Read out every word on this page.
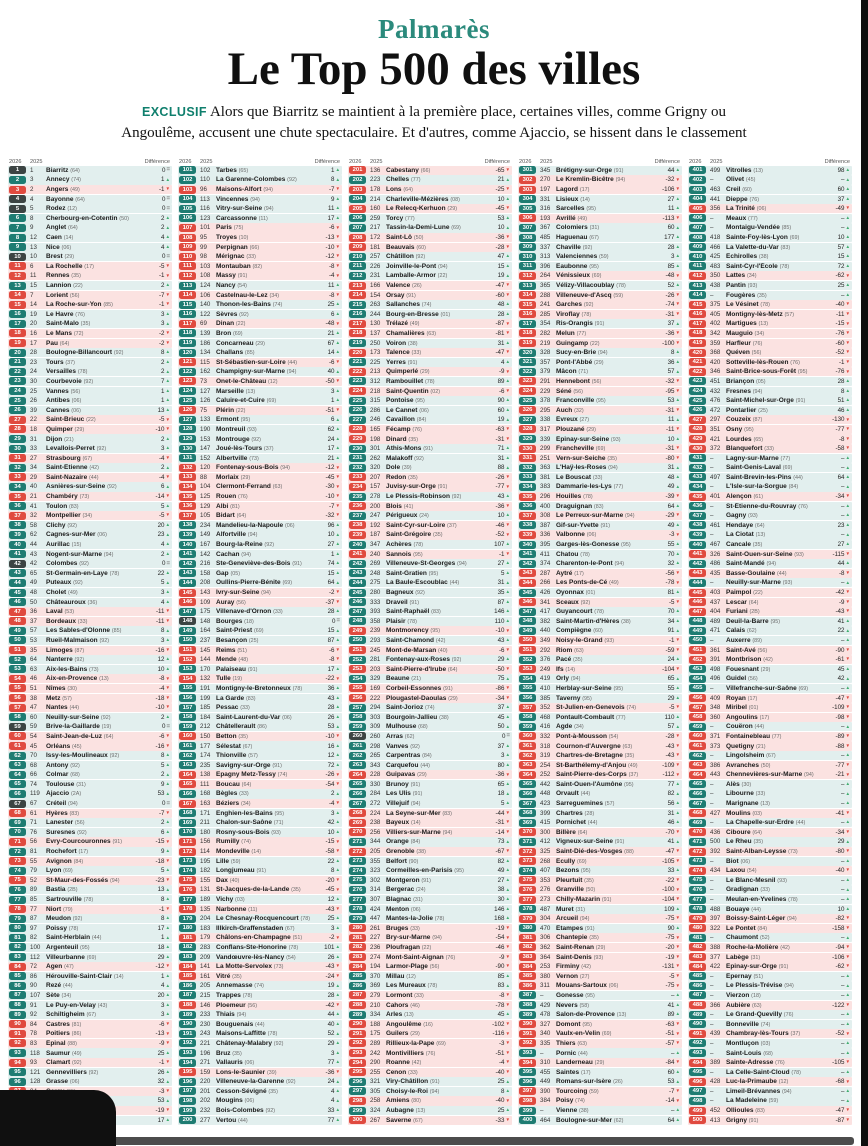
Palmarès
Le Top 500 des villes

EXCLUSIF Alors que Biarritz se maintient à la première place, certaines villes, comme Grigny ou Angoulême, accusent une chute spectaculaire. Et d'autres, comme Ajaccio, se hissent dans le classement

2026	2025	Différence
1	1	Biarritz (64)	0 =
2	3	Annecy (74)	1 ▲
3	2	Angers (49)	-1 ▼
4	4	Bayonne (64)	0 =
5	5	Rodez (12)	0 =
6	8	Cherbourg-en-Cotentin (50)	2 ▲
7	9	Anglet (64)	2 ▲
8	12	Caen (14)	4 ▲
9	13	Nice (06)	4 ▲
10	10	Brest (29)	0 =
11	6	La Rochelle (17)	-5 ▼
12	11	Rennes (35)	-1 ▼
13	15	Lannion (22)	2 ▲
14	7	Lorient (56)	-7 ▼
15	14	La Roche-sur-Yon (85)	-1 ▼
16	19	Le Havre (76)	3 ▲
17	20	Saint-Malo (35)	3 ▲
18	16	Le Mans (72)	-2 ▼
19	17	Pau (64)	-2 ▼
20	28	Boulogne-Billancourt (92)	8 ▲
21	23	Tours (37)	2 ▲
22	24	Versailles (78)	2 ▲
23	30	Courbevoie (92)	7 ▲
24	25	Vannes (56)	1 ▲
25	26	Antibes (06)	1 ▲
26	39	Cannes (06)	13 ▲
27	22	Saint-Brieuc (22)	-5 ▼
28	18	Quimper (29)	-10 ▼
29	31	Dijon (21)	2 ▲
30	33	Levallois-Perret (92)	3 ▲
31	27	Strasbourg (67)	-4 ▼
32	34	Saint-Étienne (42)	2 ▲
33	29	Saint-Nazaire (44)	-4 ▼
34	40	Asnières-sur-Seine (92)	6 ▲
35	21	Chambéry (73)	-14 ▼
36	41	Toulon (83)	5 ▲
37	32	Montpellier (34)	-5 ▼
38	58	Clichy (92)	20 ▲
39	62	Cagnes-sur-Mer (06)	23 ▲
40	44	Aurillac (15)	4 ▲
41	43	Nogent-sur-Marne (94)	2 ▲
42	42	Colombes (92)	0 =
43	65	St-Germain-en-Laye (78)	22 ▲
44	49	Puteaux (92)	5 ▲
45	48	Cholet (49)	3 ▲
46	50	Châteauroux (36)	4 ▲
47	36	Laval (53)	-11 ▼
48	37	Bordeaux (33)	-11 ▼
49	57	Les Sables-d'Olonne (85)	8 ▲
50	53	Rueil-Malmaison (92)	3 ▲
51	35	Limoges (87)	-16 ▼
52	64	Nanterre (92)	12 ▲
53	63	Aix-les-Bains (73)	10 ▲
54	46	Aix-en-Provence (13)	-8 ▼
55	51	Nîmes (30)	-4 ▼
56	38	Metz (57)	-18 ▼
57	47	Nantes (44)	-10 ▼
58	60	Neuilly-sur-Seine (92)	2 ▲
59	59	Brive-la-Gaillarde (19)	0 =
60	54	Saint-Jean-de-Luz (64)	-6 ▼
61	45	Orléans (45)	-16 ▼
62	70	Issy-les-Moulineaux (92)	8 ▲
63	68	Antony (92)	5 ▲
64	66	Colmar (68)	2 ▲
65	74	Toulouse (31)	9 ▲
66	119 Ajaccio (2A)	53 ▲
67	67	Créteil (94)	0 =
68	61	Hyères (83)	-7 ▼
69	71	Lanester (56)	2 ▲
70	76	Suresnes (92)	6 ▲
71	56	Évry-Courcouronnes (91)	-15 ▼
72	81	Rochefort (17)	9 ▲
73	55	Avignon (84)	-18 ▼
74	79	Lyon (69)	5 ▲
75	52	St-Maur-des-Fossés (94)	-23 ▼
76	89	Bastia (2B)	13 ▲
77	85	Sartrouville (78)	8 ▲
78	77	Niort (79)	-1 ▼
79	87	Meudon (92)	8 ▲
80	97	Poissy (78)	17 ▲
81	82	Saint-Herblain (44)	1 ▲
82	100 Argenteuil (95)	18 ▲
83	112 Villeurbanne (69)	29 ▲
84	72	Agen (47)	-12 ▼
85	86	Hérouville-Saint-Clair (14)	1 ▲
86	90	Rezé (44)	4 ▲
87	107 Sète (34)	20 ▲
88	91	Le Puy-en-Velay (43)	3 ▲
89	92	Schiltigheim (67)	3 ▲
90	84	Castres (81)	-6 ▼
91	78	Poitiers (86)	-13 ▼
92	83	Épinal (88)	-9 ▼
93	118 Saumur (49)	25 ▲
94	93	Clamart (92)	-1 ▼
95	121 Gennevilliers (92)	26 ▲
96	128 Grasse (06)	32 ▲
-3 ▼
53 ▲
-19 ▼
17 ▲
2026	2025	Différence
101	102 Tarbes (65)	1 ▲
102	110 La Garenne-Colombes (92)	8 ▲
103	96	Maisons-Alfort (94)	-7 ▼
104	113 Vincennes (94)	9 ▲
105	116 Vitry-sur-Seine (94)	11 ▲
106	123 Carcassonne (11)	17 ▲
107	101 Paris (75)	-6 ▼
108	95	Troyes (10)	-13 ▼
109	99	Perpignan (66)	-10 ▼
110	98	Mérignac (33)	-12 ▼
111	103 Montauban (82)	-8 ▼
112	108 Massy (91)	-4 ▼
113	124 Nancy (54)	11 ▲
114	106 Castelnau-le-Lez (34)	-8 ▼
115	140 Thonon-les-Bains (74)	25 ▲
116	122 Sèvres (92)	6 ▲
117	69	Dinan (22)	-48 ▼
118	139 Bron (69)	21 ▲
119	186 Concarneau (29)	67 ▲
120	134 Challans (85)	14 ▲
121	115 St-Sébastien-sur-Loire (44)	-6 ▼
122	162 Champigny-sur-Marne (94)	40 ▲
123	73	Onet-le-Château (12)	-50 ▼
124	127 Marseille (13)	3 ▲
125	126 Caluire-et-Cuire (69)	1 ▲
126	75	Plérin (22)	-51 ▼
127	133 Ermont (95)	6 ▲
128	190 Montreuil (93)	62 ▲
129	153 Montrouge (92)	24 ▲
130	147 Joué-lès-Tours (37)	17 ▲
131	152 Albertville (73)	21 ▲
132	120 Fontenay-sous-Bois (94)	-12 ▼
133	88	Morlaix (29)	-45 ▼
134	104 Clermont-Ferrand (63)	-30 ▼
135	125 Rouen (76)	-10 ▼
136	129 Albi (81)	-7 ▼
137	105 Bidart (64)	-32 ▼
138	234 Mandelieu-la-Napoule (06)	96 ▲
139	149 Alfortville (94)	10 ▲
140	167 Bourg-la-Reine (92)	27 ▲
141	142 Cachan (94)	1 ▲
142	216 Ste-Geneviève-des-Bois (91)	74 ▲
143	158 Gap (05)	15 ▲
144	208 Oullins-Pierre-Bénite (69)	64 ▲
145	143 Ivry-sur-Seine (94)	-2 ▼
146	109 Auray (56)	-37 ▼
147	175 Villenave-d'Ornon (33)	28 ▲
148	148 Bourges (18)	0 =
149	164 Saint-Priest (69)	15 ▲
150	237 Besançon (25)	87 ▲
151	145 Reims (51)	-6 ▼
152	144 Mende (48)	-8 ▼
153	170 Palaiseau (91)	17 ▲
154	132 Tulle (19)	-22 ▼
155	191 Montigny-le-Bretonneux (78)	36 ▲
156	199 La Garde (83)	43 ▲
157	185 Pessac (33)	28 ▲
158	184 Saint-Laurent-du-Var (06)	26 ▲
159	212 Châtellerault (86)	53 ▲
160	150 Betton (35)	-10 ▼
161	177 Sélestat (67)	16 ▲
162	174 Thionville (57)	12 ▲
163	235 Savigny-sur-Orge (91)	72 ▲
164	138 Epagny Metz-Tessy (74)	-26 ▼
165	111	Boucau (64)	-54 ▼
166	168 Bègles (33)	2 ▲
167	163 Béziers (34)	-4 ▼
168	171 Enghien-les-Bains (95)	3 ▲
169	211 Chalon-sur-Saône (71)	42 ▲
170	180 Rosny-sous-Bois (93)	10 ▲
171	156 Rumilly (74)	-15 ▼
172	114 Mondeville (14)	-58 ▼
173	195 Lille (59)	22 ▲
174	182 Longjumeau (91)	8 ▲
175	155 Dax (40)	-20 ▼
176	131 St-Jacques-de-la-Lande (35)	-45 ▼
177	189 Vichy (03)	12 ▲
178	135 Narbonne (11)	-43 ▼
179	204 Le Chesnay-Rocquencourt (78)	25 ▲
180	183 Illkirch-Graffenstaden (67)	3 ▲
181	179 Châlons-en-Champagne (51)	-2 ▼
182	283 Conflans-Ste-Honorine (78)	101 ▲
183	209 Vandœuvre-lès-Nancy (54)	26 ▲
184	141 La Motte-Servolex (73)	-43 ▼
185	161 Vitré (35)	-24 ▼
186	205 Annemasse (74)	19 ▲
187	215 Trappes (78)	28 ▲
188	146 Ploemeur (56)	-42 ▼
189	233 Thiais (94)	44 ▲
190	230 Bouguenais (44)	40 ▲
191	243 Maisons-Laffitte (78)	52 ▲
192	221 Châtenay-Malabry (92)	29 ▲
193	196 Bruz (35)	3 ▲
194	271 Vallauris (06)	77 ▲
195	159 Lons-le-Saunier (39)	-36 ▼
196	220 Villeneuve-la-Garenne (92)	24 ▲
197	201 Cesson-Sévigné (35)	4 ▲
198	202 Mougins (06)	4 ▲
199	232 Bois-Colombes (92)	33 ▲
200	277 Vertou (44)	77 ▲
2026	2025	Différence
201	136 Cabestany (66)	-65 ▼
202	223 Chelles (77)	21 ▲
203	178 Lons (64)	-25 ▼
204	214 Charleville-Mézières (08)	10 ▲
205	160 Le Relecq-Kerhuon (29)	-45 ▼
206	259 Torcy (77)	53 ▲
207	217 Tassin-la-Demi-Lune (69)	10 ▲
208	172 Saint-Lô (50)	-36 ▼
209	181 Beauvais (60)	-28 ▼
210	257 Châtillon (92)	47 ▲
211	226 Joinville-le-Pont (94)	15 ▲
212	231 Lamballe-Armor (22)	19 ▲
213	166 Valence (26)	-47 ▼
214	154 Orsay (91)	-60 ▼
215	263 Sallanches (74)	48 ▲
216	244 Bourg-en-Bresse (01)	28 ▲
217	130 Trélazé (49)	-87 ▼
218	137 Chamalières (63)	-81 ▼
219	250 Voiron (38)	31 ▲
220	173 Talence (33)	-47 ▼
221	225 Yerres (91)	4 ▲
222	213 Quimperlé (29)	-9 ▼
223	312 Rambouillet (78)	89 ▲
224	218 Saint-Quentin (02)	-6 ▼
225	315 Pontoise (95)	90 ▲
226	286 Le Cannet (06)	60 ▲
227	246 Cavaillon (84)	19 ▲
228	165 Fécamp (76)	-63 ▼
229	198 Dinard (35)	-31 ▼
230	301 Athis-Mons (91)	71 ▲
231	262 Malakoff (92)	31 ▲
232	320 Dole (39)	88 ▲
233	207 Redon (35)	-26 ▼
234	157 Juvisy-sur-Orge (91)	-77 ▼
235	278 Le Plessis-Robinson (92)	43 ▲
236	200 Blois (41)	-36 ▼
237	247 Périgueux (24)	10 ▲
238	192 Saint-Cyr-sur-Loire (37)	-46 ▼
239	187 Saint-Grégoire (35)	-52 ▼
240	347 Achères (78)	107 ▲
241	240 Sannois (95)	-1 ▼
242	269 Villeneuve-St-Georges (94)	27 ▲
243	248 Saint-Gratien (95)	5 ▲
244	275 La Baule-Escoublac (44)	31 ▲
245	280 Bagneux (92)	35 ▲
246	333 Draveil (91)	87 ▲
247	393 Saint-Raphaël (83)	146 ▲
248	358 Plaisir (78)	110 ▲
249	239 Montmorency (95)	-10 ▼
250	293 Saint-Chamond (42)	43 ▲
251	245 Mont-de-Marsan (40)	-6 ▼
252	281 Fontenay-aux-Roses (92)	29 ▲
253	203 Saint-Pierre-d'Irube (64)	-50 ▼
254	329 Beaune (21)	75 ▲
255	169 Corbeil-Essonnes (91)	-86 ▼
256	222 Plougastel-Daoulas (29)	-34 ▼
257	294 Saint-Jorioz (74)	37 ▲
258	303 Bourgoin-Jallieu (38)	45 ▲
259	309 Mulhouse (68)	50 ▲
260	260 Arras (62)	0 =
261	298 Vanves (92)	37 ▲
262	265 Carpentras (84)	3 ▲
263	343 Carquefou (44)	80 ▲
264	228 Guipavas (29)	-36 ▼
265	330 Brunoy (91)	65 ▲
266	284 Les Ulis (91)	18 ▲
267	272 Villejuif (94)	5 ▲
268	224 La Seyne-sur-Mer (83)	-44 ▼
269	238 Bayeux (14)	-31 ▼
270	256 Villiers-sur-Marne (94)	-14 ▼
271	344 Orange (84)	73 ▲
272	205 Grenoble (38)	-67 ▼
273	355 Belfort (90)	82 ▲
274	323 Cormeilles-en-Parisis (95)	49 ▲
275	302 Montgeron (91)	27 ▲
276	314 Bergerac (24)	38 ▲
277	307 Blagnac (31)	30 ▲
278	424 Menton (06)	146 ▲
279	447 Mantes-la-Jolie (78)	168 ▲
280	261 Bruges (33)	-19 ▼
281	227 Bry-sur-Marne (94)	-54 ▼
282	236 Ploufragan (22)	-46 ▼
283	274 Mont-Saint-Aignan (76)	-9 ▼
284	194 Larmor-Plage (56)	-90 ▼
285	370 Millau (12)	85 ▲
286	369 Les Mureaux (78)	83 ▲
287	279 Lormont (33)	-8 ▼
288	210 Cahors (46)	-78 ▼
289	334 Arles (13)	45 ▲
290	188 Angoulême (16)	-102 ▼
291	175 Guilers (29)	-116 ▼
292	289 Rillieux-la-Pape (69)	-3 ▼
293	242 Montivilliers (76)	-51 ▼
294	290 Roanne (42)	-4 ▼
295	255 Cenon (33)	-40 ▼
296	321 Viry-Châtillon (91)	25 ▲
297	305 Choisy-le-Roi (94)	8 ▲
298	258 Amiens (80)	-40 ▼
299	324 Aubagne (13)	25 ▲
300	267 Saverne (67)	-33 ▼
2026	2025	Différence
301	345 Brétigny-sur-Orge (91)	44 ▲
302	270 Le Kremlin-Bicêtre (94)	-32 ▼
303	197 Lagord (17)	-106 ▼
304	331 Lisieux (14)	27 ▲
305	316 Sarcelles (95)	11 ▲
306	193 Avrillé (49)	-113 ▼
307	367 Colomiers (31)	60 ▲
308	485 Haguenau (67)	177 ▲
309	337 Chaville (92)	28 ▲
310	313 Valenciennes (59)	3 ▲
311	396 Eaubonne (95)	85 ▲
312	264 Vénissieux (69)	-48 ▼
313	365 Vélizy-Villacoublay (78)	52 ▲
314	288 Villeneuve-d'Ascq (59)	-26 ▼
315	241 Garches (92)	-74 ▼
316	285 Viroflay (78)	-31 ▼
317	354 Ris-Orangis (91)	37 ▲
318	282 Melun (77)	-36 ▼
319	219 Guingamp (22)	-100 ▼
320	328 Sucy-en-Brie (94)	8 ▲
321	357 Pont-l'Abbé (29)	36 ▲
322	379 Mâcon (71)	57 ▲
323	291 Hennebont (56)	-32 ▼
324	229 Séné (56)	-95 ▼
325	378 Franconville (95)	53 ▲
326	295 Auch (32)	-31 ▼
327	338 Évreux (27)	11 ▲
328	317 Plouzané (29)	-11 ▼
329	339 Épinay-sur-Seine (93)	10 ▲
330	299 Francheville (69)	-31 ▼
331	251 Vern-sur-Seiche (35)	-80 ▼
332	363 L'Haÿ-les-Roses (94)	31 ▲
333	381 Le Bouscat (33)	48 ▲
334	383 Dammarie-les-Lys (77)	49 ▲
335	296 Houilles (78)	-39 ▼
336	400 Draguignan (83)	64 ▲
337	308 Le Perreux-sur-Marne (94)	-29 ▼
338	387 Gif-sur-Yvette (91)	49 ▲
339	336 Valbonne (06)	-3 ▼
340	395 Garges-lès-Gonesse (95)	55 ▲
341	411 Chatou (78)	70 ▲
342	374 Charenton-le-Pont (94)	32 ▲
343	287 Aytré (17)	-56 ▼
344	266 Les Ponts-de-Cé (49)	-78 ▼
345	426 Oyonnax (01)	81 ▲
346	341 Sceaux (92)	-5 ▼
347	417 Guyancourt (78)	70 ▲
348	382 Saint-Martin-d'Hères (38)	34 ▲
349	440 Compiègne (60)	91 ▲
350	349 Noisy-le-Grand (93)	-1 ▼
351	292 Riom (63)	-59 ▼
352	376 Pacé (35)	24 ▲
353	249 Ifs (14)	-104 ▼
354	419 Orly (94)	65 ▲
355	410 Herblay-sur-Seine (95)	55 ▲
356	385 Taverny (95)	29 ▲
357	352 St-Julien-en-Genevois (74)	-5 ▼
358	468 Pontault-Combault (77)	110 ▲
359	416 Agde (34)	57 ▲
360	332 Pont-à-Mousson (54)	-28 ▼
361	318 Cournon-d'Auvergne (63)	-43 ▼
362	319 Chartres-de-Bretagne (35)	-43 ▼
363	254 St-Barthélemy-d'Anjou (49)	-109 ▼
364	252 Saint-Pierre-des-Corps (37)	-112 ▼
365	442 Saint-Ouen-l'Aumône (95)	77 ▲
366	448 Orvault (44)	82 ▲
367	423 Sarreguemines (57)	56 ▲
368	399 Chartres (28)	31 ▲
369	415 Pornichet (44)	46 ▲
370	300 Billère (64)	-70 ▼
371	412 Vigneux-sur-Seine (91)	41 ▲
372	325 Saint-Dié-des-Vosges (88)	-47 ▼
373	268 Écully (69)	-105 ▼
374	407 Bezons (95)	33 ▲
375	353 Pleurtuit (35)	-22 ▼
376	276 Granville (50)	-100 ▼
377	273 Chilly-Mazarin (91)	-104 ▼
378	487 Muret (31)	109 ▲
379	304 Arcueil (94)	-75 ▼
380	470 Étampes (91)	90 ▲
381	306 Chantepie (35)	-75 ▼
382	362 Saint-Renan (29)	-20 ▼
383	364 Saint-Denis (93)	-19 ▼
384	253 Firminy (42)	-131 ▼
385	380 Vernon (27)	-5 ▼
386	311 Mouans-Sartoux (06)	-75 ▼
387	–	Gonesse (95)	– ▲
388	429 Nevers (58)	41 ▲
389	478 Salon-de-Provence (13)	89 ▲
390	327 Domont (95)	-63 ▼
391	340 Vaulx-en-Velin (69)	-51 ▼
392	335 Thiers (63)	-57 ▼
393	–	Pornic (44)	– ▲
394	310 Landerneau (29)	-84 ▼
395	455 Saintes (17)	60 ▲
396	449 Romans-sur-Isère (26)	53 ▲
397	390 Tourcoing (59)	-7 ▼
398	384 Poisy (74)	-14 ▼
399	–	Vienne (38)	– ▲
400	464 Boulogne-sur-Mer (62)	64 ▲
2026	2025	Différence
401	499 Vitrolles (13)	98 ▲
402	–	Olivet (45)	– ▲
403	463 Creil (60)	60 ▲
404	441 Dieppe (76)	37 ▲
405	356 La Trinité (06)	-49 ▼
406	–	Meaux (77)	– ▲
407	–	Montaigu-Vendée (85)	– ▲
408	418 Sainte-Foy-lès-Lyon (69)	10 ▲
409	466 La Valette-du-Var (83)	57 ▲
410	425 Échirolles (38)	15 ▲
411	483 Saint-Cyr-l'École (78)	72 ▲
412	350 Lattes (34)	-62 ▼
413	438 Pantin (93)	25 ▲
414	–	Fougères (35)	– ▲
415	375 Le Vésinet (78)	-40 ▼
416	405 Montigny-lès-Metz (57)	-11 ▼
417	402 Martigues (13)	-15 ▼
418	342 Mauguio (34)	-76 ▼
419	359 Harfleur (76)	-60 ▼
420	368 Quéven (56)	-52 ▼
421	420 Sotteville-lès-Rouen (76)	-1 ▼
422	346 Saint-Brice-sous-Forêt (95)	-76 ▼
423	451 Briançon (05)	28 ▲
424	432 Fresnes (94)	8 ▲
425	476 Saint-Michel-sur-Orge (91)	51 ▲
426	472 Pontarlier (25)	46 ▲
427	297 Couzeix (87)	-130 ▼
428	351 Osny (95)	-77 ▼
429	421 Lourdes (65)	-8 ▼
430	372 Blanquefort (33)	-58 ▼
431	–	Lagny-sur-Marne (77)	– ▲
432	–	Saint-Genis-Laval (69)	– ▲
433	497 Saint-Brevin-les-Pins (44)	64 ▲
434	–	L'Isle-sur-la-Sorgue (84)	– ▲
435	401 Alençon (61)	-34 ▼
436	–	St-Étienne-du-Rouvray (76)	– ▲
437	–	Gagny (93)	– ▲
438	461 Hendaye (64)	23 ▲
439	–	La Ciotat (13)	– ▲
440	467 Cancale (35)	27 ▲
441	326 Saint-Ouen-sur-Seine (93)	-115 ▼
442	486 Saint-Mandé (94)	44 ▲
443	435 Basse-Goulaine (44)	-8 ▼
444	–	Neuilly-sur-Marne (93)	– ▲
445	403 Paimpol (22)	-42 ▼
446	437 Lescar (64)	-9 ▼
447	404 Furiani (2B)	-43 ▼
448	489 Deuil-la-Barre (95)	41 ▲
449	471 Calais (62)	22 ▲
450	–	Auxerre (89)	– ▲
451	361 Saint-Avé (56)	-90 ▼
452	391 Montbrison (42)	-61 ▼
453	498 Fouesnant (29)	45 ▲
454	496 Guidel (56)	42 ▲
455	–	Villefranche-sur-Saône (69)	– ▲
456	409 Royan (17)	-47 ▼
457	348 Miribel (01)	-109 ▼
458	360 Angoulins (17)	-98 ▼
459	–	Couëron (44)	– ▲
460	371 Fontainebleau (77)	-89 ▼
461	373 Quetigny (21)	-88 ▼
462	–	Lingolsheim (67)	– ▲
463	386 Avranches (50)	-77 ▼
464	443 Chennevières-sur-Marne (94)	-21 ▼
465	–	Alès (30)	– ▲
466	–	Libourne (33)	– ▲
467	–	Marignane (13)	– ▲
468	427 Moulins (03)	-41 ▼
469	–	La Chapelle-sur-Erdre (44)	– ▲
470	436 Ciboure (64)	-34 ▼
471	500 Le Rheu (35)	29 ▲
472	392 Saint-Alban-Leysse (73)	-80 ▼
473	–	Biot (06)	– ▲
474	434 Laxou (54)	-40 ▼
475	–	Le Blanc-Mesnil (93)	– ▲
476	–	Gradignan (33)	– ▲
477	–	Meulan-en-Yvelines (78)	– ▲
478	488 Bouaye (44)	10 ▲
479	397 Boissy-Saint-Léger (94)	-82 ▼
480	322 Le Pontet (84)	-158 ▼
481	–	Chaumont (52)	– ▲
482	388 Roche-la-Molière (42)	-94 ▼
483	377 Labège (31)	-106 ▼
484	422 Épinay-sur-Orge (91)	-62 ▼
485	–	Épernay (51)	– ▲
486	–	Le Plessis-Trévise (94)	– ▲
487	–	Vierzon (18)	– ▲
488	366 Aubière (63)	-122 ▼
489	–	Le Grand-Quevilly (76)	– ▲
490	–	Bonneville (74)	– ▲
491	439 Chambray-lès-Tours (37)	-52 ▼
492	–	Montluçon (03)	– ▲
493	–	Saint-Louis (68)	– ▲
494	389 Sainte-Adresse (76)	-105 ▼
495	–	La Celle-Saint-Cloud (78)	– ▲
496	428 Luc-la-Primaube (12)	-68 ▼
497	–	Limeil-Brévannes (94)	– ▲
498	–	La Madeleine (59)	– ▲
499	452 Ollioules (83)	-47 ▼
500	413 Grigny (91)	-87 ▼
